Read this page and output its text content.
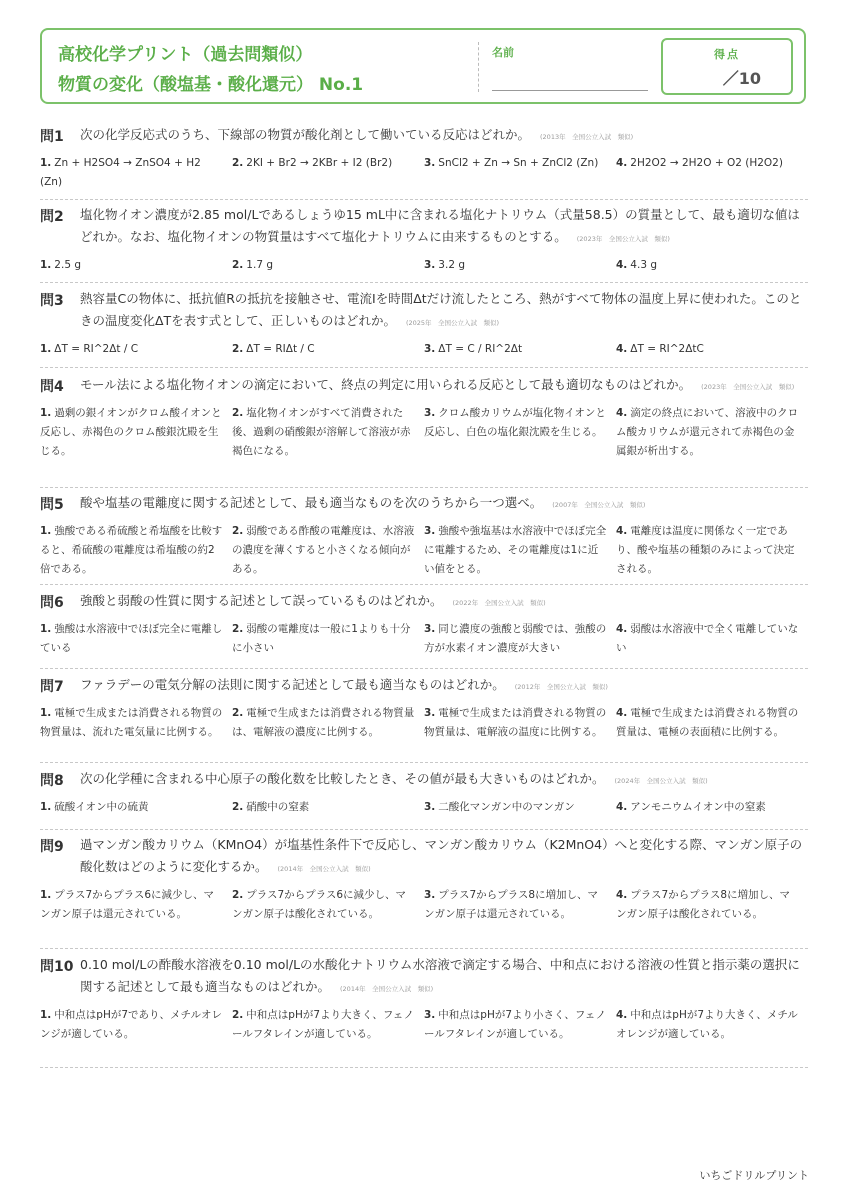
高校化学プリント（過去問類似）
物質の変化（酸塩基・酸化還元） No.1
名前	得点
／10
問1	次の化学反応式のうち、下線部の物質が酸化剤として働いている反応はどれか。 (2013年　全国公立入試　類似)
1. Zn + H2SO4 → ZnSO4 + H2 (Zn)
2. 2KI + Br2 → 2KBr + I2 (Br2)	3. SnCl2 + Zn → Sn + ZnCl2 (Zn)	4. 2H2O2 → 2H2O + O2 (H2O2)
問2	塩化物イオン濃度が2.85 mol/Lであるしょうゆ15 mL中に含まれる塩化ナトリウム（式量58.5）の質量として、最も適切な値はどれか。なお、塩化物イオンの物質量はすべて塩化ナトリウムに由来するものとする。 (2023年　全国公立入試　類似)
1. 2.5 g	2. 1.7 g	3. 3.2 g	4. 4.3 g
問3	熱容量Cの物体に、抵抗値Rの抵抗を接触させ、電流Iを時間Δtだけ流したところ、熱がすべて物体の温度上昇に使われた。このときの温度変化ΔTを表す式として、正しいものはどれか。 (2025年　全国公立入試　類似)
1. ΔT = RI^2Δt / C	2. ΔT = RIΔt / C	3. ΔT = C / RI^2Δt	4. ΔT = RI^2ΔtC
問4	モール法による塩化物イオンの滴定において、終点の判定に用いられる反応として最も適切なものはどれか。 (2023年　全国公立入試　類似)
1. 過剰の銀イオンがクロム酸イオンと反応し、赤褐色のクロム酸銀沈殿を生じる。
2. 塩化物イオンがすべて消費された後、過剰の硝酸銀が溶解して溶液が赤褐色になる。
3. クロム酸カリウムが塩化物イオンと反応し、白色の塩化銀沈殿を生じる。
4. 滴定の終点において、溶液中のクロム酸カリウムが還元されて赤褐色の金属銀が析出する。
問5	酸や塩基の電離度に関する記述として、最も適当なものを次のうちから一つ選べ。 (2007年　全国公立入試　類似)
1. 強酸である希硫酸と希塩酸を比較すると、希硫酸の電離度は希塩酸の約2倍である。
2. 弱酸である酢酸の電離度は、水溶液の濃度を薄くすると小さくなる傾向がある。
3. 強酸や強塩基は水溶液中でほぼ完全に電離するため、その電離度は1に近い値をとる。
4. 電離度は温度に関係なく一定であり、酸や塩基の種類のみによって決定される。
問6	強酸と弱酸の性質に関する記述として誤っているものはどれか。 (2022年　全国公立入試　類似)
1. 強酸は水溶液中でほぼ完全に電離している
2. 弱酸の電離度は一般に1よりも十分に小さい
3. 同じ濃度の強酸と弱酸では、強酸の方が水素イオン濃度が大きい
4. 弱酸は水溶液中で全く電離していない
問7	ファラデーの電気分解の法則に関する記述として最も適当なものはどれか。 (2012年　全国公立入試　類似)
1. 電極で生成または消費される物質の物質量は、流れた電気量に比例する。
2. 電極で生成または消費される物質量は、電解液の濃度に比例する。
3. 電極で生成または消費される物質の物質量は、電解液の温度に比例する。
4. 電極で生成または消費される物質の質量は、電極の表面積に比例する。
問8	次の化学種に含まれる中心原子の酸化数を比較したとき、その値が最も大きいものはどれか。 (2024年　全国公立入試　類似)
1. 硫酸イオン中の硫黄	2. 硝酸中の窒素	3. 二酸化マンガン中のマンガン	4. アンモニウムイオン中の窒素
問9	過マンガン酸カリウム（KMnO4）が塩基性条件下で反応し、マンガン酸カリウム（K2MnO4）へと変化する際、マンガン原子の酸化数はどのように変化するか。 (2014年　全国公立入試　類似)
1. プラス7からプラス6に減少し、マンガン原子は還元されている。
2. プラス7からプラス6に減少し、マンガン原子は酸化されている。
3. プラス7からプラス8に増加し、マンガン原子は還元されている。
4. プラス7からプラス8に増加し、マンガン原子は酸化されている。
問10 0.10 mol/Lの酢酸水溶液を0.10 mol/Lの水酸化ナトリウム水溶液で滴定する場合、中和点における溶液の性質と指示薬の選択に関する記述として最も適当なものはどれか。 (2014年　全国公立入試　類似)
1. 中和点はpHが7であり、メチルオレンジが適している。
2. 中和点はpHが7より大きく、フェノールフタレインが適している。
3. 中和点はpHが7より小さく、フェノールフタレインが適している。
4. 中和点はpHが7より大きく、メチルオレンジが適している。
いちごドリルプリント
